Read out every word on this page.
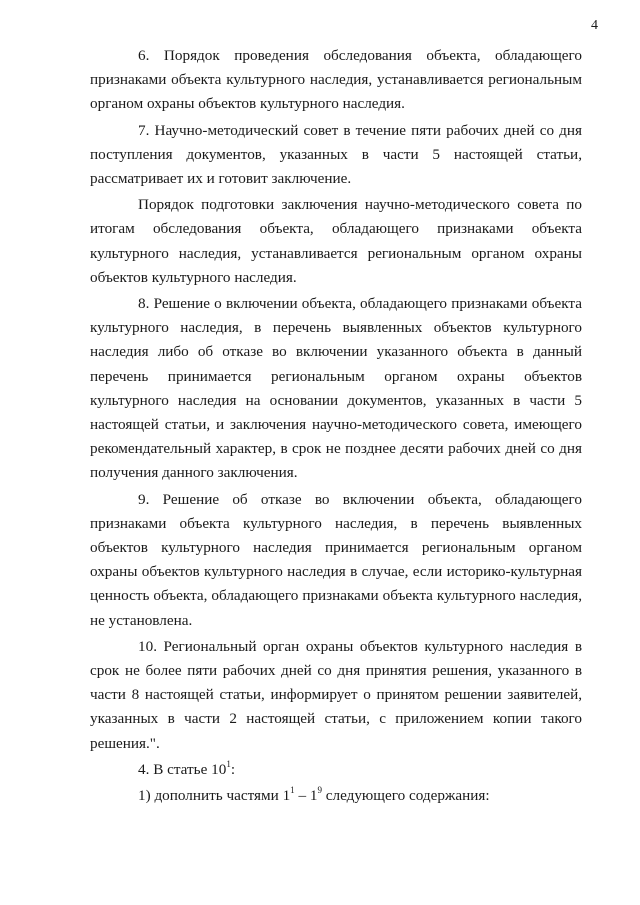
4

6. Порядок проведения обследования объекта, обладающего признаками объекта культурного наследия, устанавливается региональным органом охраны объектов культурного наследия.

7. Научно-методический совет в течение пяти рабочих дней со дня поступления документов, указанных в части 5 настоящей статьи, рассматривает их и готовит заключение.

Порядок подготовки заключения научно-методического совета по итогам обследования объекта, обладающего признаками объекта культурного наследия, устанавливается региональным органом охраны объектов культурного наследия.

8. Решение о включении объекта, обладающего признаками объекта культурного наследия, в перечень выявленных объектов культурного наследия либо об отказе во включении указанного объекта в данный перечень принимается региональным органом охраны объектов культурного наследия на основании документов, указанных в части 5 настоящей статьи, и заключения научно-методического совета, имеющего рекомендательный характер, в срок не позднее десяти рабочих дней со дня получения данного заключения.

9. Решение об отказе во включении объекта, обладающего признаками объекта культурного наследия, в перечень выявленных объектов культурного наследия принимается региональным органом охраны объектов культурного наследия в случае, если историко-культурная ценность объекта, обладающего признаками объекта культурного наследия, не установлена.

10. Региональный орган охраны объектов культурного наследия в срок не более пяти рабочих дней со дня принятия решения, указанного в части 8 настоящей статьи, информирует о принятом решении заявителей, указанных в части 2 настоящей статьи, с приложением копии такого решения.".

4. В статье $10^1$:

1) дополнить частями $1^1 - 1^9$ следующего содержания:
